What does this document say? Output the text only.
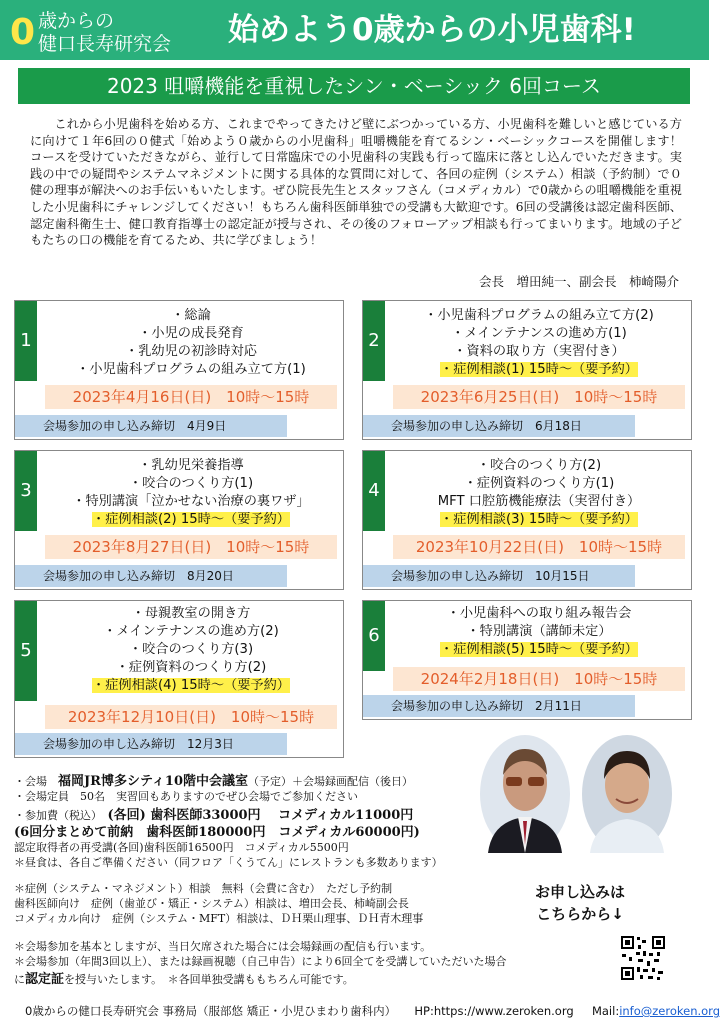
0 歳からの
健口長寿研究会 始めよう0歳からの小児歯科!
2023 咀嚼機能を重視したシン・ベーシック 6回コース
これから小児歯科を始める方、これまでやってきたけど壁にぶつかっている方、小児歯科を難しいと感じている方に向けて１年6回の０健式「始めよう０歳からの小児歯科」咀嚼機能を育てるシン・ベーシックコースを開催します！コースを受けていただきながら、並行して日常臨床での小児歯科の実践も行って臨床に落とし込んでいただきます。実践の中での疑問やシステムマネジメントに関する具体的な質問に対して、各回の症例（システム）相談（予約制）で０健の理事が解決へのお手伝いもいたします。ぜひ院長先生とスタッフさん（コメディカル）で0歳からの咀嚼機能を重視した小児歯科にチャレンジしてください！もちろん歯科医師単独での受講も大歓迎です。6回の受講後は認定歯科医師、認定歯科衛生士、健口教育指導士の認定証が授与され、その後のフォローアップ相談も行ってまいります。地域の子どもたちの口の機能を育てるため、共に学びましょう！
会長　増田純一、副会長　柿崎陽介
1
・総論
・小児の成長発育
・乳幼児の初診時対応
・小児歯科プログラムの組み立て方(1)
2023年4月16日(日)　10時〜15時
会場参加の申し込み締切　4月9日
2
・小児歯科プログラムの組み立て方(2)
・メインテナンスの進め方(1)
・資料の取り方（実習付き）
・症例相談(1) 15時〜（要予約）
2023年6月25日(日)　10時〜15時
会場参加の申し込み締切　6月18日
3
・乳幼児栄養指導
・咬合のつくり方(1)
・特別講演「泣かせない治療の裏ワザ」
・症例相談(2) 15時〜（要予約）
2023年8月27日(日)　10時〜15時
会場参加の申し込み締切　8月20日
4
・咬合のつくり方(2)
・症例資料のつくり方(1)
MFT 口腔筋機能療法（実習付き）
・症例相談(3) 15時〜（要予約）
2023年10月22日(日)　10時〜15時
会場参加の申し込み締切　10月15日
5
・母親教室の開き方
・メインテナンスの進め方(2)
・咬合のつくり方(3)
・症例資料のつくり方(2)
・症例相談(4) 15時〜（要予約）
2023年12月10日(日)　10時〜15時
会場参加の申し込み締切　12月3日
6
・小児歯科への取り組み報告会
・特別講演（講師未定）
・症例相談(5) 15時〜（要予約）
2024年2月18日(日)　10時〜15時
会場参加の申し込み締切　2月11日
・会場　福岡JR博多シティ10階中会議室（予定）＋会場録画配信（後日）
・会場定員　50名　実習回もありますのでぜひ会場でご参加ください
・参加費（税込）　(各回) 歯科医師33000円　 コメディカル11000円
(6回分まとめて前納　歯科医師180000円　コメディカル60000円)
認定取得者の再受講(各回)歯科医師16500円　コメディカル5500円
＊昼食は、各自ご準備ください（同フロア「くうてん」にレストランも多数あります）
＊症例（システム・マネジメント）相談　無料（会費に含む）　ただし予約制
歯科医師向け　症例（歯並び・矯正・システム）相談は、増田会長、柿崎副会長
コメディカル向け　症例（システム・MFT）相談は、ＤＨ栗山理事、ＤＨ青木理事
＊会場参加を基本としますが、当日欠席された場合には会場録画の配信も行います。
＊会場参加（年間3回以上）、または録画視聴（自己申告）により6回全てを受講していただいた場合
に認定証を授与いたします。　＊各回単独受講ももちろん可能です。
お申し込みは
こちらから↓
0歳からの健口長寿研究会 事務局（服部悠 矯正・小児ひまわり歯科内） HP:https://www.zeroken.org Mail:info@zeroken.org
